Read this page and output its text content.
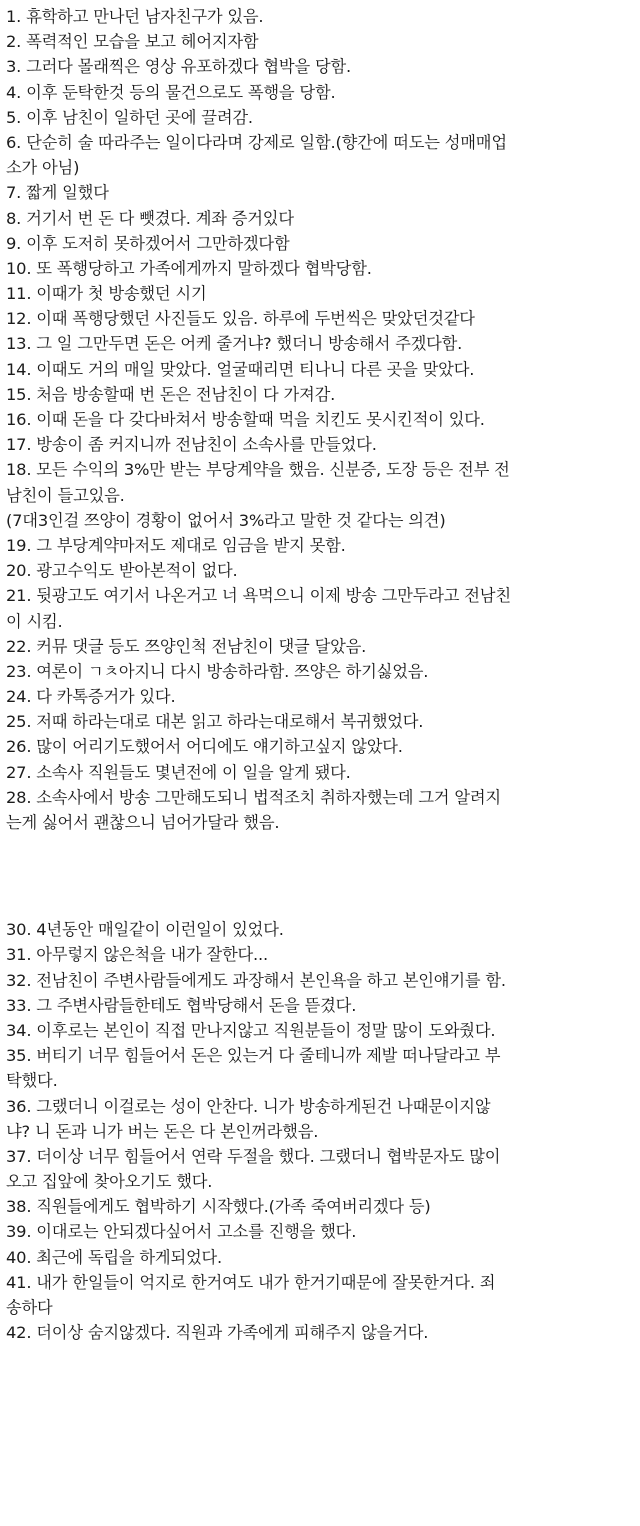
1. 휴학하고 만나던 남자친구가 있음.
2. 폭력적인 모습을 보고 헤어지자함
3. 그러다 몰래찍은 영상 유포하겠다 협박을 당함.
4. 이후 둔탁한것 등의 물건으로도 폭행을 당함.
5. 이후 남친이 일하던 곳에 끌려감.
6. 단순히 술 따라주는 일이다라며 강제로 일함.(향간에 떠도는 성매매업
소가 아님)
7. 짧게 일했다
8. 거기서 번 돈 다 뺏겼다. 계좌 증거있다
9. 이후 도저히 못하겠어서 그만하겠다함
10. 또 폭행당하고 가족에게까지 말하겠다 협박당함.
11. 이때가 첫 방송했던 시기
12. 이때 폭행당했던 사진들도 있음. 하루에 두번씩은 맞았던것같다
13. 그 일 그만두면 돈은 어케 줄거냐? 했더니 방송해서 주겠다함.
14. 이때도 거의 매일 맞았다. 얼굴때리면 티나니 다른 곳을 맞았다.
15. 처음 방송할때 번 돈은 전남친이 다 가져감.
16. 이때 돈을 다 갖다바쳐서 방송할때 먹을 치킨도 못시킨적이 있다.
17. 방송이 좀 커지니까 전남친이 소속사를 만들었다.
18. 모든 수익의 3%만 받는 부당계약을 했음. 신분증, 도장 등은 전부 전
남친이 들고있음.
(7대3인걸 쯔양이 경황이 없어서 3%라고 말한 것 같다는 의견)
19. 그 부당계약마저도 제대로 임금을 받지 못함.
20. 광고수익도 받아본적이 없다.
21. 뒷광고도 여기서 나온거고 너 욕먹으니 이제 방송 그만두라고 전남친
이 시킴.
22. 커뮤 댓글 등도 쯔양인척 전남친이 댓글 달았음.
23. 여론이 ㄱㅊ아지니 다시 방송하라함. 쯔양은 하기싫었음.
24. 다 카톡증거가 있다.
25. 저때 하라는대로 대본 읽고 하라는대로해서 복귀했었다.
26. 많이 어리기도했어서 어디에도 얘기하고싶지 않았다.
27. 소속사 직원들도 몇년전에 이 일을 알게 됐다.
28. 소속사에서 방송 그만해도되니 법적조치 취하자했는데 그거 알려지
는게 싫어서 괜찮으니 넘어가달라 했음.
30. 4년동안 매일같이 이런일이 있었다.
31. 아무렇지 않은척을 내가 잘한다...
32. 전남친이 주변사람들에게도 과장해서 본인욕을 하고 본인얘기를 함.
33. 그 주변사람들한테도 협박당해서 돈을 뜯겼다.
34. 이후로는 본인이 직접 만나지않고 직원분들이 정말 많이 도와줬다.
35. 버티기 너무 힘들어서 돈은 있는거 다 줄테니까 제발 떠나달라고 부
탁했다.
36. 그랬더니 이걸로는 성이 안찬다. 니가 방송하게된건 나때문이지않
냐? 니 돈과 니가 버는 돈은 다 본인꺼라했음.
37. 더이상 너무 힘들어서 연락 두절을 했다. 그랬더니 협박문자도 많이
오고 집앞에 찾아오기도 했다.
38. 직원들에게도 협박하기 시작했다.(가족 죽여버리겠다 등)
39. 이대로는 안되겠다싶어서 고소를 진행을 했다.
40. 최근에 독립을 하게되었다.
41. 내가 한일들이 억지로 한거여도 내가 한거기때문에 잘못한거다. 죄
송하다
42. 더이상 숨지않겠다. 직원과 가족에게 피해주지 않을거다.
